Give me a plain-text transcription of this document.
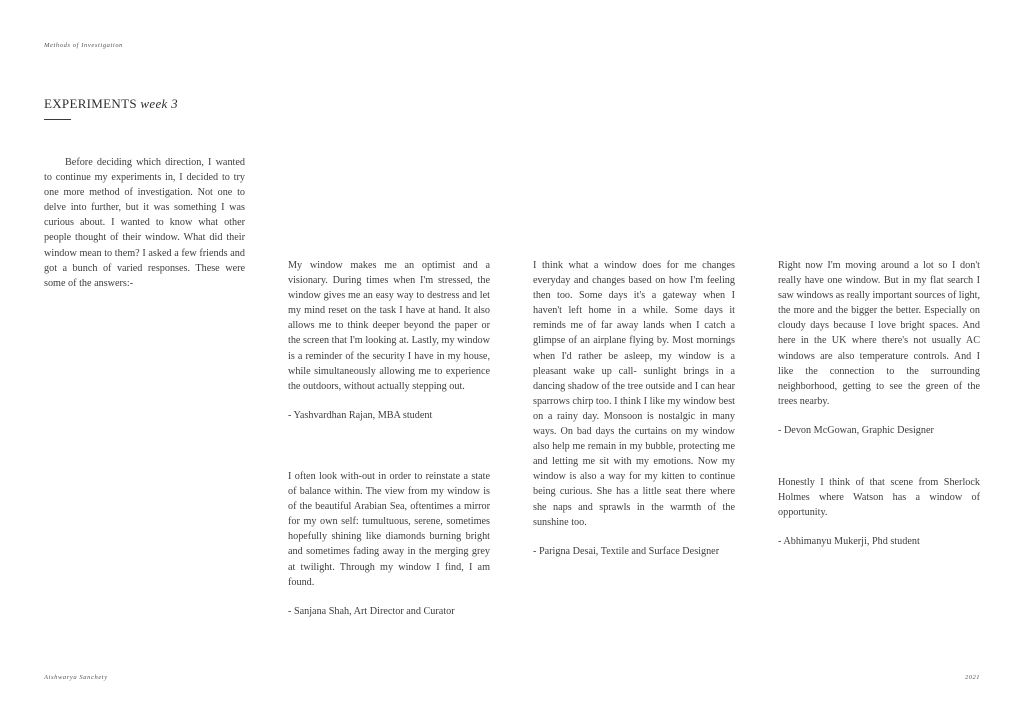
Methods of Investigation
EXPERIMENTS week 3

Before deciding which direction, I wanted to continue my experiments in, I decided to try one more method of investigation. Not one to delve into further, but it was something I was curious about. I wanted to know what other people thought of their window. What did their window mean to them? I asked a few friends and got a bunch of varied responses. These were some of the answers:-

My window makes me an optimist and a visionary. During times when I'm stressed, the window gives me an easy way to destress and let my mind reset on the task I have at hand. It also allows me to think deeper beyond the paper or the screen that I'm looking at. Lastly, my window is a reminder of the security I have in my house, while simultaneously allowing me to experience the outdoors, without actually stepping out.

- Yashvardhan Rajan, MBA student

I often look with-out in order to reinstate a state of balance within. The view from my window is of the beautiful Arabian Sea, oftentimes a mirror for my own self: tumultuous, serene, sometimes hopefully shining like diamonds burning bright and sometimes fading away in the merging grey at twilight. Through my window I find, I am found.

- Sanjana Shah, Art Director and Curator

I think what a window does for me changes everyday and changes based on how I'm feeling then too. Some days it's a gateway when I haven't left home in a while. Some days it reminds me of far away lands when I catch a glimpse of an airplane flying by. Most mornings when I'd rather be asleep, my window is a pleasant wake up call- sunlight brings in a dancing shadow of the tree outside and I can hear sparrows chirp too. I think I like my window best on a rainy day. Monsoon is nostalgic in many ways. On bad days the curtains on my window also help me remain in my bubble, protecting me and letting me sit with my emotions. Now my window is also a way for my kitten to continue being curious. She has a little seat there where she naps and sprawls in the warmth of the sunshine too.

- Parigna Desai, Textile and Surface Designer

Right now I'm moving around a lot so I don't really have one window. But in my flat search I saw windows as really important sources of light, the more and the bigger the better. Especially on cloudy days because I love bright spaces. And here in the UK where there's not usually AC windows are also temperature controls. And I like the connection to the surrounding neighborhood, getting to see the green of the trees nearby.

- Devon McGowan, Graphic Designer

Honestly I think of that scene from Sherlock Holmes where Watson has a window of opportunity.

- Abhimanyu Mukerji, Phd student

Aishwarya Sanchety	2021
